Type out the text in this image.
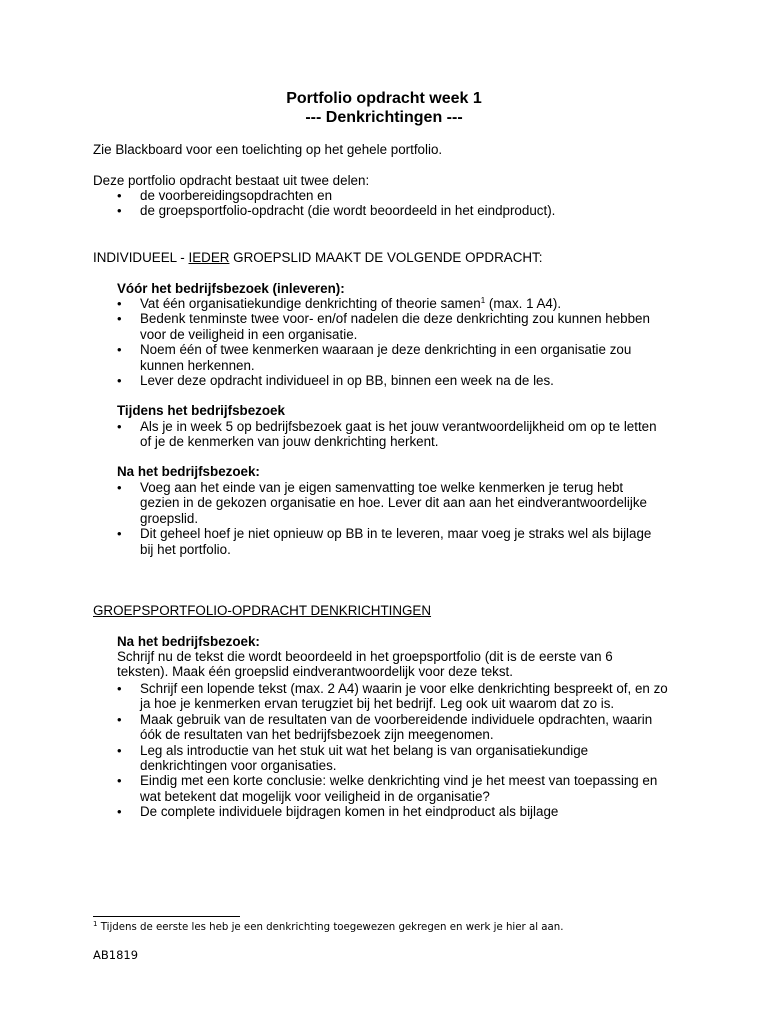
Portfolio opdracht week 1
--- Denkrichtingen ---
Zie Blackboard voor een toelichting op het gehele portfolio.
Deze portfolio opdracht bestaat uit twee delen:
• de voorbereidingsopdrachten en
• de groepsportfolio-opdracht (die wordt beoordeeld in het eindproduct).
INDIVIDUEEL - IEDER GROEPSLID MAAKT DE VOLGENDE OPDRACHT:
Vóór het bedrijfsbezoek (inleveren):
• Vat één organisatiekundige denkrichting of theorie samen$^1$ (max. 1 A4).
• Bedenk tenminste twee voor- en/of nadelen die deze denkrichting zou kunnen hebben voor de veiligheid in een organisatie.
• Noem één of twee kenmerken waaraan je deze denkrichting in een organisatie zou kunnen herkennen.
• Lever deze opdracht individueel in op BB, binnen een week na de les.
Tijdens het bedrijfsbezoek
• Als je in week 5 op bedrijfsbezoek gaat is het jouw verantwoordelijkheid om op te letten of je de kenmerken van jouw denkrichting herkent.
Na het bedrijfsbezoek:
• Voeg aan het einde van je eigen samenvatting toe welke kenmerken je terug hebt gezien in de gekozen organisatie en hoe. Lever dit aan aan het eindverantwoordelijke groepslid.
• Dit geheel hoef je niet opnieuw op BB in te leveren, maar voeg je straks wel als bijlage bij het portfolio.
GROEPSPORTFOLIO-OPDRACHT DENKRICHTINGEN
Na het bedrijfsbezoek:
Schrijf nu de tekst die wordt beoordeeld in het groepsportfolio (dit is de eerste van 6 teksten). Maak één groepslid eindverantwoordelijk voor deze tekst.
• Schrijf een lopende tekst (max. 2 A4) waarin je voor elke denkrichting bespreekt of, en zo ja hoe je kenmerken ervan terugziet bij het bedrijf. Leg ook uit waarom dat zo is.
• Maak gebruik van de resultaten van de voorbereidende individuele opdrachten, waarin óók de resultaten van het bedrijfsbezoek zijn meegenomen.
• Leg als introductie van het stuk uit wat het belang is van organisatiekundige denkrichtingen voor organisaties.
• Eindig met een korte conclusie: welke denkrichting vind je het meest van toepassing en wat betekent dat mogelijk voor veiligheid in de organisatie?
• De complete individuele bijdragen komen in het eindproduct als bijlage
$^1$ Tijdens de eerste les heb je een denkrichting toegewezen gekregen en werk je hier al aan.
AB1819
